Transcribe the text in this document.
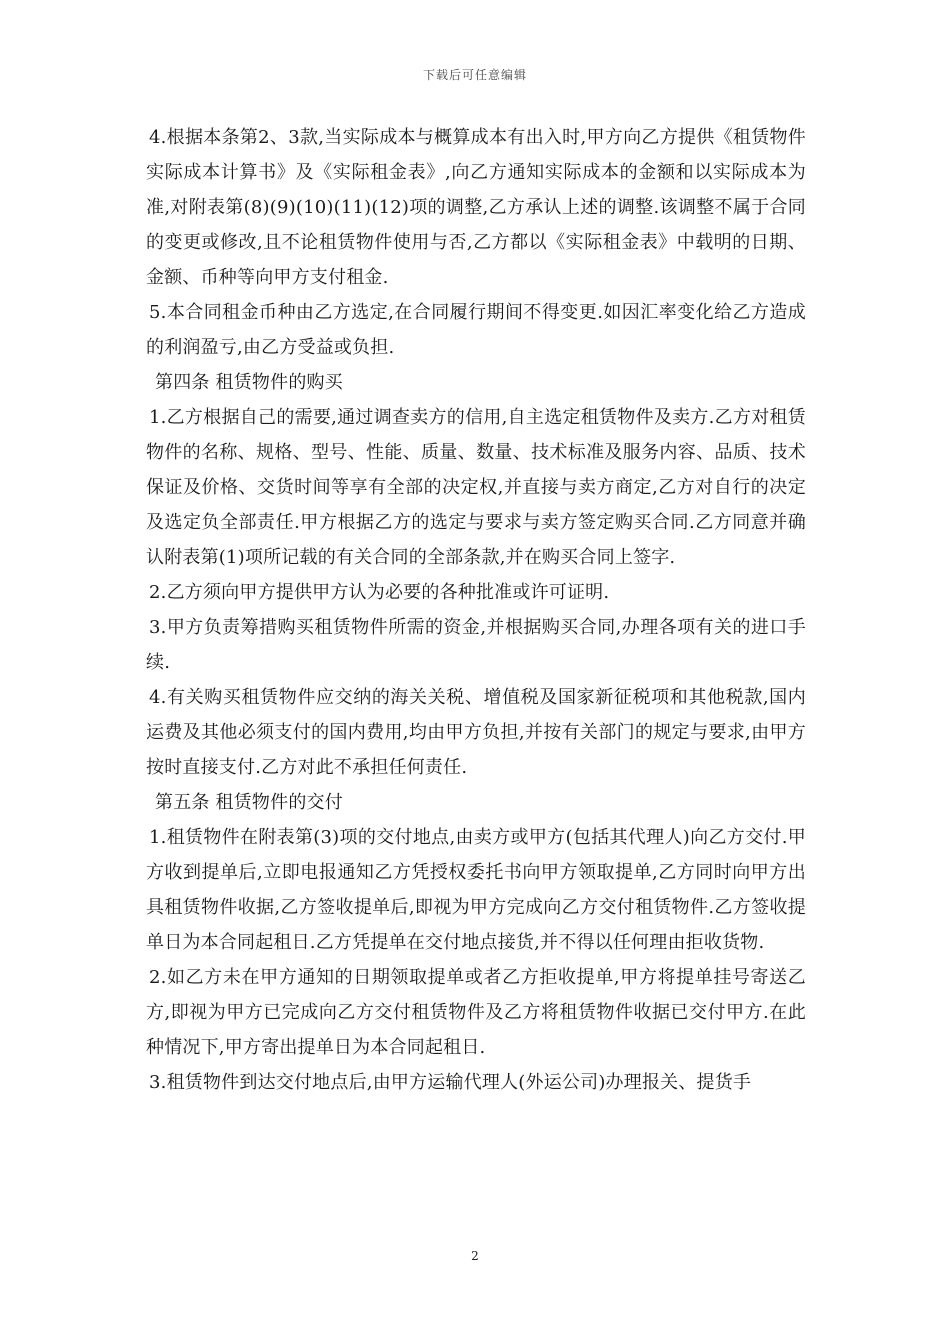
下载后可任意编辑

4.根据本条第2、3款,当实际成本与概算成本有出入时,甲方向乙方提供《租赁物件实际成本计算书》及《实际租金表》,向乙方通知实际成本的金额和以实际成本为准,对附表第(8)(9)(10)(11)(12)项的调整,乙方承认上述的调整.该调整不属于合同的变更或修改,且不论租赁物件使用与否,乙方都以《实际租金表》中载明的日期、金额、币种等向甲方支付租金.

5.本合同租金币种由乙方选定,在合同履行期间不得变更.如因汇率变化给乙方造成的利润盈亏,由乙方受益或负担.

第四条 租赁物件的购买

1.乙方根据自己的需要,通过调查卖方的信用,自主选定租赁物件及卖方.乙方对租赁物件的名称、规格、型号、性能、质量、数量、技术标准及服务内容、品质、技术保证及价格、交货时间等享有全部的决定权,并直接与卖方商定,乙方对自行的决定及选定负全部责任.甲方根据乙方的选定与要求与卖方签定购买合同.乙方同意并确认附表第(1)项所记载的有关合同的全部条款,并在购买合同上签字.

2.乙方须向甲方提供甲方认为必要的各种批准或许可证明.

3.甲方负责筹措购买租赁物件所需的资金,并根据购买合同,办理各项有关的进口手续.

4.有关购买租赁物件应交纳的海关关税、增值税及国家新征税项和其他税款,国内运费及其他必须支付的国内费用,均由甲方负担,并按有关部门的规定与要求,由甲方按时直接支付.乙方对此不承担任何责任.

第五条 租赁物件的交付

1.租赁物件在附表第(3)项的交付地点,由卖方或甲方(包括其代理人)向乙方交付.甲方收到提单后,立即电报通知乙方凭授权委托书向甲方领取提单,乙方同时向甲方出具租赁物件收据,乙方签收提单后,即视为甲方完成向乙方交付租赁物件.乙方签收提单日为本合同起租日.乙方凭提单在交付地点接货,并不得以任何理由拒收货物.

2.如乙方未在甲方通知的日期领取提单或者乙方拒收提单,甲方将提单挂号寄送乙方,即视为甲方已完成向乙方交付租赁物件及乙方将租赁物件收据已交付甲方.在此种情况下,甲方寄出提单日为本合同起租日.

3.租赁物件到达交付地点后,由甲方运输代理人(外运公司)办理报关、提货手

2
